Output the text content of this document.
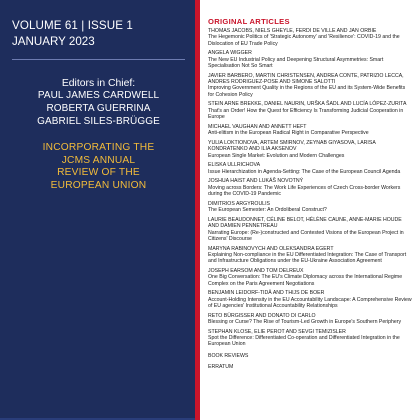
VOLUME 61 | ISSUE 1
JANUARY 2023
Editors in Chief:
PAUL JAMES CARDWELL
ROBERTA GUERRINA
GABRIEL SILES-BRÜGGE
INCORPORATING THE
JCMS ANNUAL
REVIEW OF THE
EUROPEAN UNION
ORIGINAL ARTICLES
THOMAS JACOBS, NIELS GHEYLE, FERDI DE VILLE AND JAN ORBIE
The Hegemonic Politics of 'Strategic Autonomy' and 'Resilience': COVID-19 and the Dislocation of EU Trade Policy
ANGELA WIGGER
The New EU Industrial Policy and Deepening Structural Asymmetries: Smart Specialisation Not So Smart
JAVIER BARBERO, MARTIN CHRISTENSEN, ANDREA CONTE, PATRIZIO LECCA, ANDRES RODRIGUEZ-POSE AND SIMONE SALOTTI
Improving Government Quality in the Regions of the EU and its System-Wide Benefits for Cohesion Policy
STEIN ARNE BREKKE, DANIEL NAURIN, URŠKA ŠADL AND LUCÍA LÓPEZ-ZURITA
That's an Order! How the Quest for Efficiency Is Transforming Judicial Cooperation in Europe
MICHAEL VAUGHAN AND ANNETT HEFT
Anti-elitism in the European Radical Right in Comparative Perspective
YULIA LOKTIONOVA, ARTEM SMIRNOV, ZEYNAB GIYASOVA, LARISA KONDRATENKO AND ILIA AKSENOV
European Single Market: Evolution and Modern Challenges
ELISKA ULLRICHOVA
Issue Hierarchization in Agenda-Setting: The Case of the European Council Agenda
JOSHUA HAIST AND LUKÁŠ NOVOTNÝ
Moving across Borders: The Work Life Experiences of Czech Cross-border Workers during the COVID-19 Pandemic
DIMITRIOS ARGYROULIS
The European Semester: An Ordoliberal Construct?
LAURIE BEAUDONNET, CÉLINE BELOT, HÉLÈNE CAUNE, ANNE-MARIE HOUDE AND DAMIEN PENNETREAU
Narrating Europe: (Re-)constructed and Contested Visions of the European Project in Citizens' Discourse
MARYNA RABINOVYCH AND OLEKSANDRA EGERT
Explaining Non-compliance in the EU Differentiated Integration: The Case of Transport and Infrastructure Obligations under the EU-Ukraine Association Agreement
JOSEPH EARSOM AND TOM DELREUX
One Big Conversation: The EU's Climate Diplomacy across the International Regime Complex on the Paris Agreement Negotiations
BENJAMIN LEIDORF-TIDÂ AND THIJS DE BOER
Account-Holding Intensity in the EU Accountability Landscape: A Comprehensive Review of EU agencies' Institutional Accountability Relationships
RETO BÜRGISSER AND DONATO DI CARLO
Blessing or Curse? The Rise of Tourism-Led Growth in Europe's Southern Periphery
STEPHAN KLOSE, ELIE PEROT AND SEVGI TEMIZISLER
Spot the Difference: Differentiated Co-operation and Differentiated Integration in the European Union
BOOK REVIEWS
ERRATUM
